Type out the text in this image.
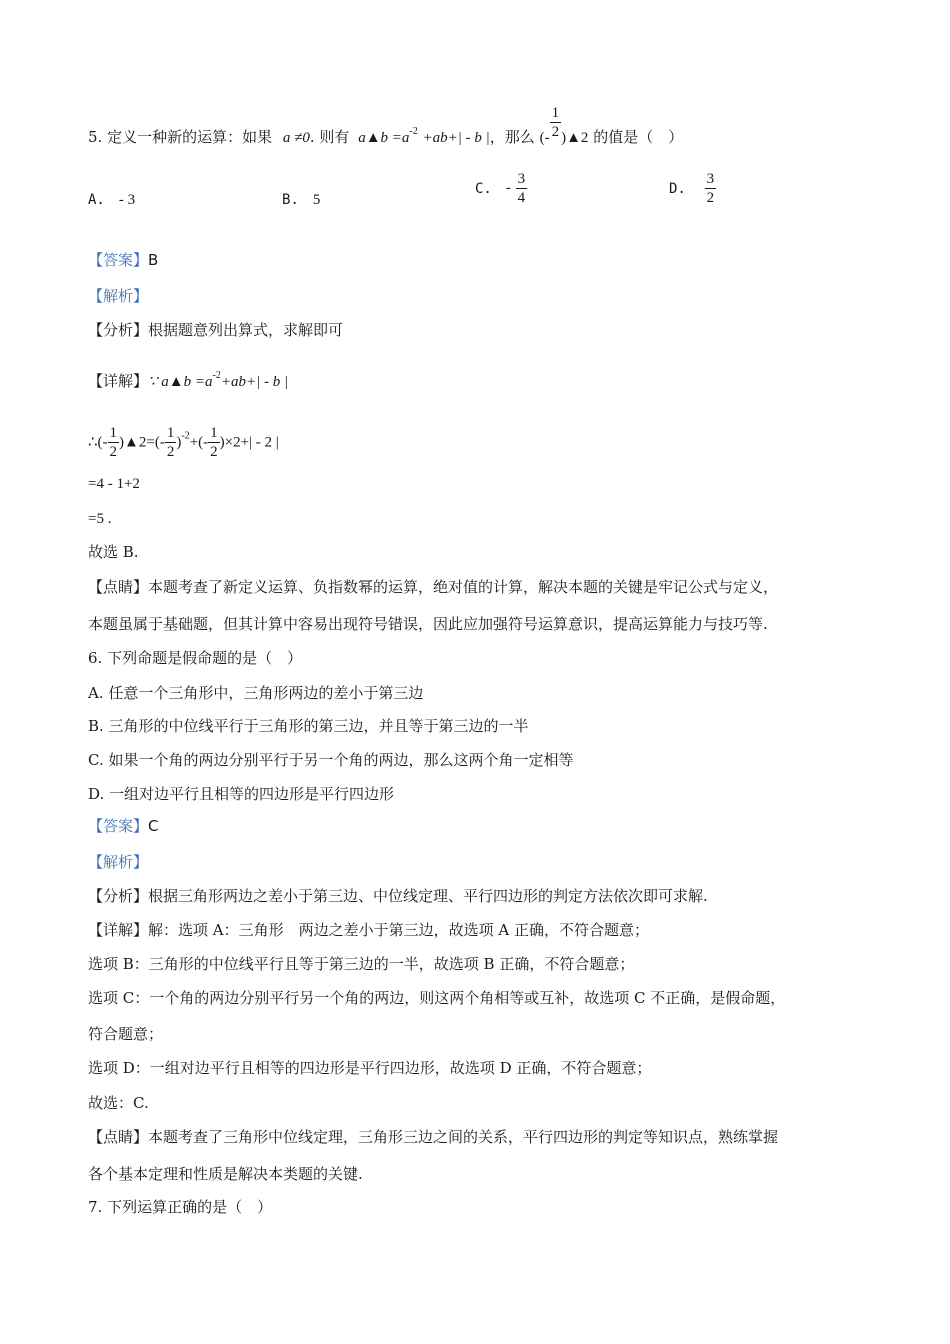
5. 定义一种新的运算：如果 a ≠0. 则有 a▲b $=a^{-2} +ab+| - b$ |，那么 (- $\frac{1}{2}$ )▲2 的值是（　）
A. - 3	B. 5
C. - $\frac{3}{4}$	D. $\frac{3}{2}$
【答案】B
【解析】
【分析】根据题意列出算式，求解即可
【详解】∵ a▲b $=a^{-2}+ab+| - b$ |
∴(- $\frac{1}{2}$ )▲2=(- $\frac{1}{2} )^{-2}+(- \frac{1}{2} )\times 2+| - 2$ |
=4 - 1+2
=5 .
故选 B.
【点睛】本题考查了新定义运算、负指数幂的运算，绝对值的计算，解决本题的关键是牢记公式与定义，
本题虽属于基础题，但其计算中容易出现符号错误，因此应加强符号运算意识，提高运算能力与技巧等.
6. 下列命题是假命题的是（　）
A. 任意一个三角形中，三角形两边的差小于第三边
B. 三角形的中位线平行于三角形的第三边，并且等于第三边的一半
C. 如果一个角的两边分别平行于另一个角的两边，那么这两个角一定相等
D. 一组对边平行且相等的四边形是平行四边形
【答案】C
【解析】
【分析】根据三角形两边之差小于第三边、中位线定理、平行四边形的判定方法依次即可求解.
【详解】解：选项 A：三角形　两边之差小于第三边，故选项 A 正确，不符合题意；
选项 B：三角形的中位线平行且等于第三边的一半，故选项 B 正确，不符合题意；
选项 C：一个角的两边分别平行另一个角的两边，则这两个角相等或互补，故选项 C 不正确，是假命题，
符合题意；
选项 D：一组对边平行且相等的四边形是平行四边形，故选项 D 正确，不符合题意；
故选：C.
【点睛】本题考查了三角形中位线定理，三角形三边之间的关系，平行四边形的判定等知识点，熟练掌握
各个基本定理和性质是解决本类题的关键.
7. 下列运算正确的是（　）
